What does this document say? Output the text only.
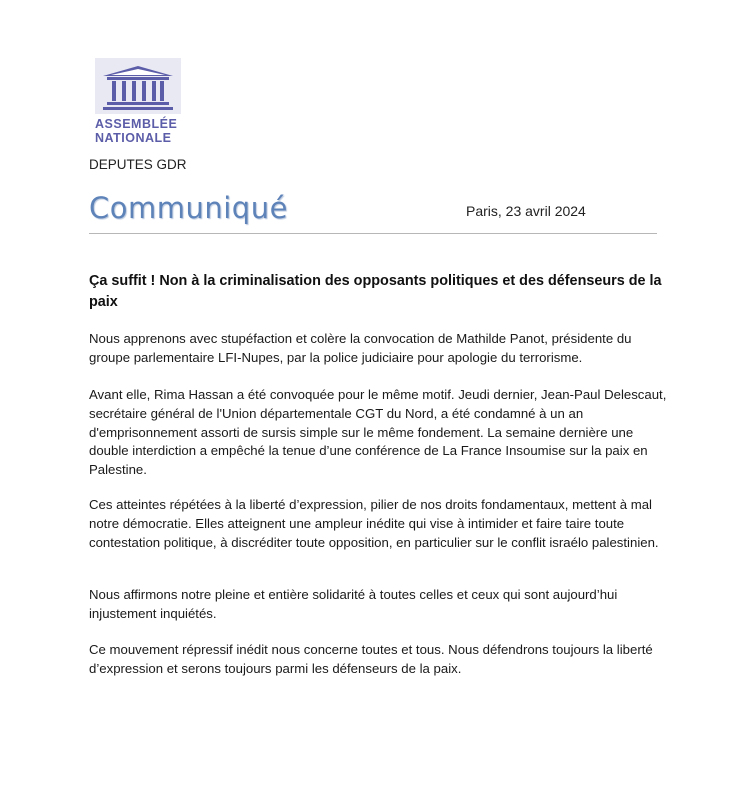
ASSEMBLÉE
NATIONALE
DEPUTES GDR
Communiqué	Paris, 23 avril 2024
Ça suffit ! Non à la criminalisation des opposants politiques et des défenseurs de la paix
Nous apprenons avec stupéfaction et colère la convocation de Mathilde Panot, présidente du groupe parlementaire LFI-Nupes, par la police judiciaire pour apologie du terrorisme.
Avant elle, Rima Hassan a été convoquée pour le même motif. Jeudi dernier, Jean-Paul Delescaut, secrétaire général de l'Union départementale CGT du Nord, a été condamné à un an d'emprisonnement assorti de sursis simple sur le même fondement. La semaine dernière une double interdiction a empêché la tenue d’une conférence de La France Insoumise sur la paix en Palestine.
Ces atteintes répétées à la liberté d’expression, pilier de nos droits fondamentaux, mettent à mal notre démocratie. Elles atteignent une ampleur inédite qui vise à intimider et faire taire toute contestation politique, à discréditer toute opposition, en particulier sur le conflit israélo palestinien.
Nous affirmons notre pleine et entière solidarité à toutes celles et ceux qui sont aujourd’hui injustement inquiétés.
Ce mouvement répressif inédit nous concerne toutes et tous. Nous défendrons toujours la liberté d’expression et serons toujours parmi les défenseurs de la paix.
